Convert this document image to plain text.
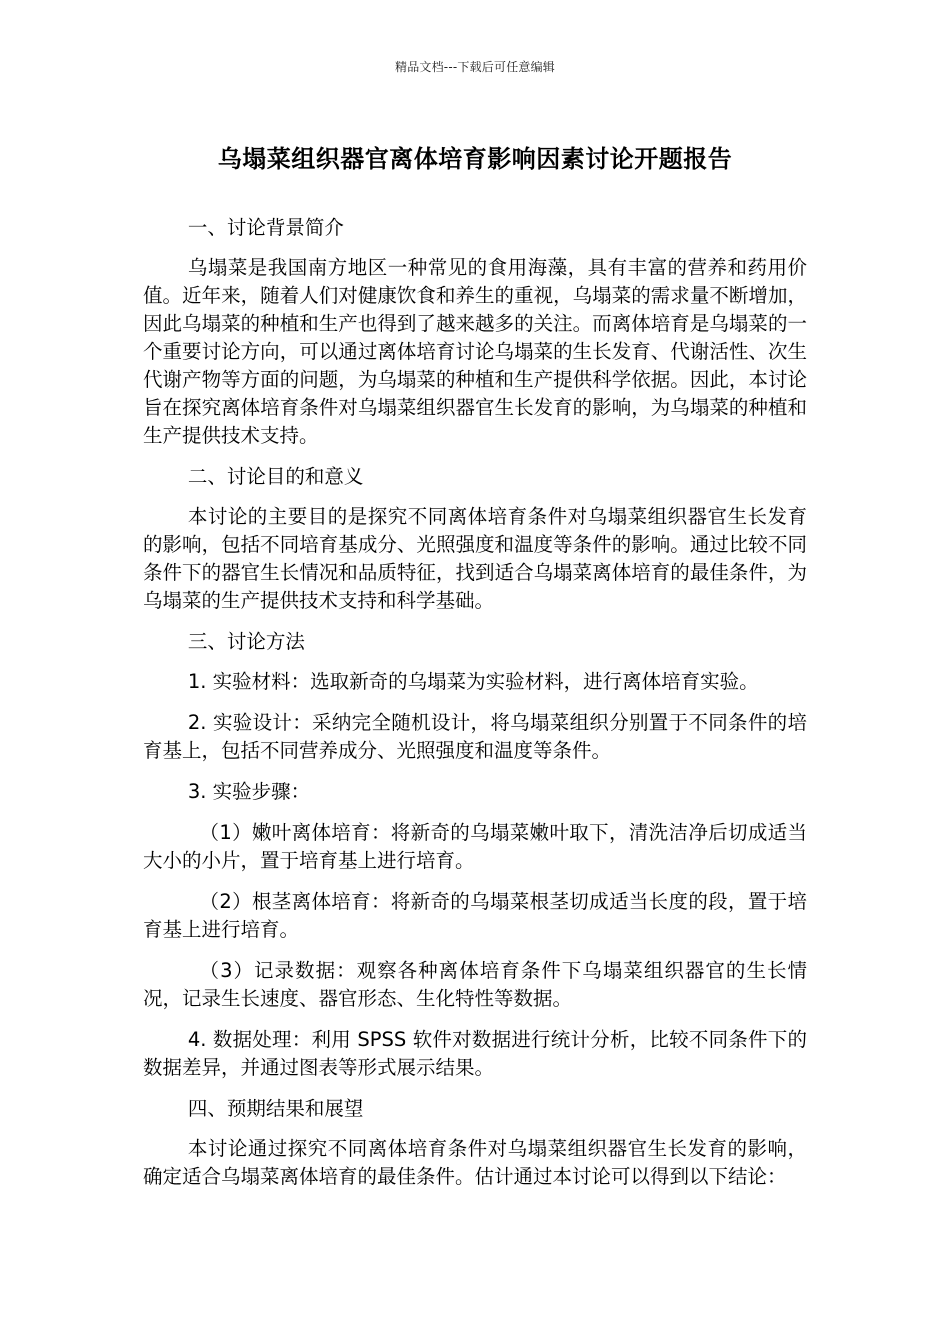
精品文档---下载后可任意编辑
乌塌菜组织器官离体培育影响因素讨论开题报告

一、讨论背景简介

乌塌菜是我国南方地区一种常见的食用海藻，具有丰富的营养和药用价值。近年来，随着人们对健康饮食和养生的重视，乌塌菜的需求量不断增加，因此乌塌菜的种植和生产也得到了越来越多的关注。而离体培育是乌塌菜的一个重要讨论方向，可以通过离体培育讨论乌塌菜的生长发育、代谢活性、次生代谢产物等方面的问题，为乌塌菜的种植和生产提供科学依据。因此，本讨论旨在探究离体培育条件对乌塌菜组织器官生长发育的影响，为乌塌菜的种植和生产提供技术支持。

二、讨论目的和意义

本讨论的主要目的是探究不同离体培育条件对乌塌菜组织器官生长发育的影响，包括不同培育基成分、光照强度和温度等条件的影响。通过比较不同条件下的器官生长情况和品质特征，找到适合乌塌菜离体培育的最佳条件，为乌塌菜的生产提供技术支持和科学基础。

三、讨论方法

1. 实验材料：选取新奇的乌塌菜为实验材料，进行离体培育实验。

2. 实验设计：采纳完全随机设计，将乌塌菜组织分别置于不同条件的培育基上，包括不同营养成分、光照强度和温度等条件。

3. 实验步骤：

（1）嫩叶离体培育：将新奇的乌塌菜嫩叶取下，清洗洁净后切成适当大小的小片，置于培育基上进行培育。

（2）根茎离体培育：将新奇的乌塌菜根茎切成适当长度的段，置于培育基上进行培育。

（3）记录数据：观察各种离体培育条件下乌塌菜组织器官的生长情况，记录生长速度、器官形态、生化特性等数据。

4. 数据处理：利用 SPSS 软件对数据进行统计分析，比较不同条件下的数据差异，并通过图表等形式展示结果。

四、预期结果和展望

本讨论通过探究不同离体培育条件对乌塌菜组织器官生长发育的影响，确定适合乌塌菜离体培育的最佳条件。估计通过本讨论可以得到以下结论：
